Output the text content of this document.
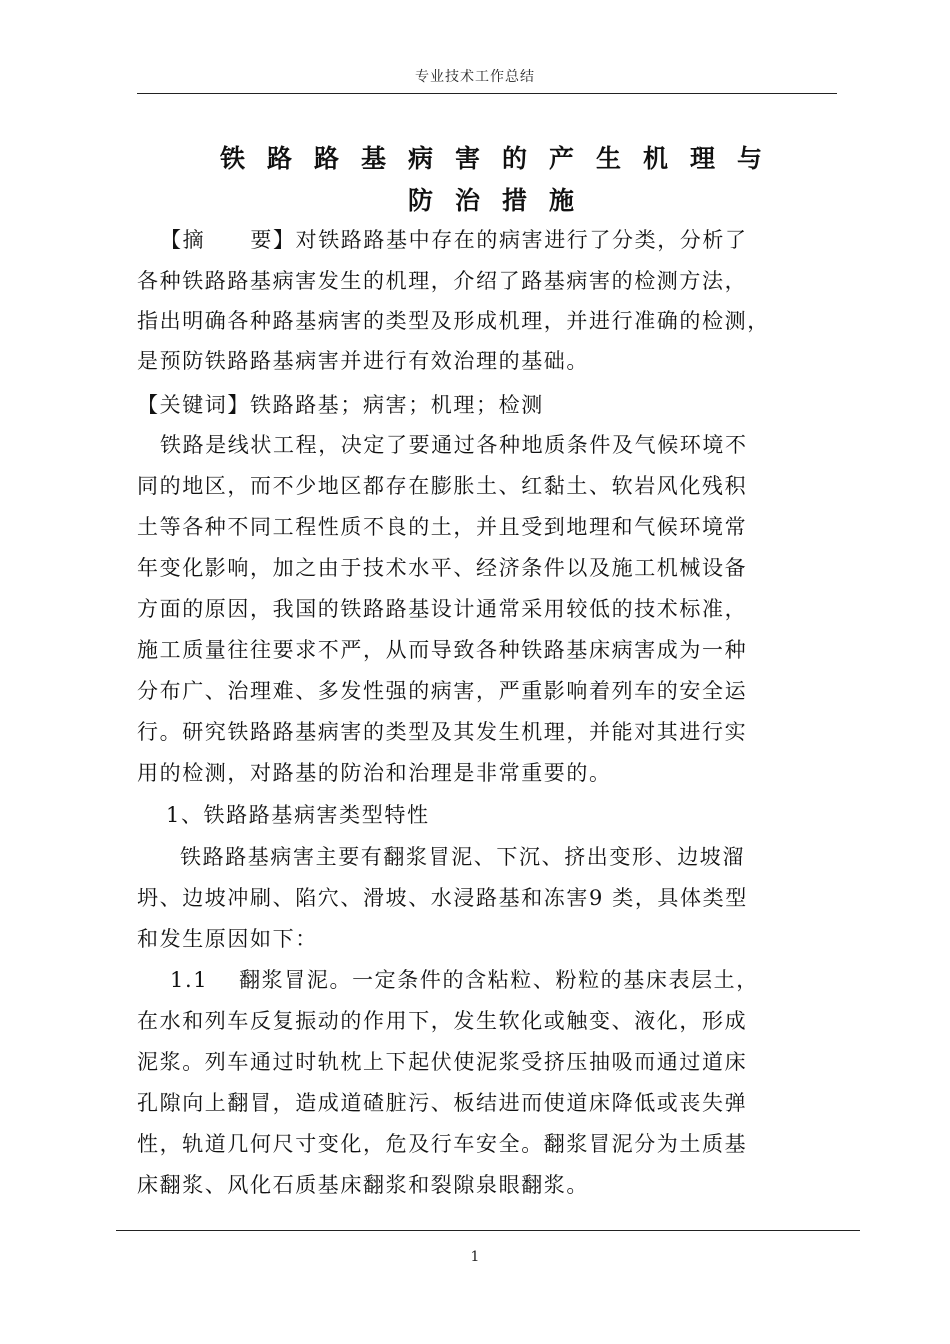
专业技术工作总结
铁路路基病害的产生机理与
防治措施
【摘　　要】对铁路路基中存在的病害进行了分类，分析了
各种铁路路基病害发生的机理，介绍了路基病害的检测方法，
指出明确各种路基病害的类型及形成机理，并进行准确的检测，
是预防铁路路基病害并进行有效治理的基础。
【关键词】铁路路基；病害；机理；检测
铁路是线状工程，决定了要通过各种地质条件及气候环境不
同的地区，而不少地区都存在膨胀土、红黏土、软岩风化残积
土等各种不同工程性质不良的土，并且受到地理和气候环境常
年变化影响，加之由于技术水平、经济条件以及施工机械设备
方面的原因，我国的铁路路基设计通常采用较低的技术标准，
施工质量往往要求不严，从而导致各种铁路基床病害成为一种
分布广、治理难、多发性强的病害，严重影响着列车的安全运
行。研究铁路路基病害的类型及其发生机理，并能对其进行实
用的检测，对路基的防治和治理是非常重要的。
1、铁路路基病害类型特性
铁路路基病害主要有翻浆冒泥、下沉、挤出变形、边坡溜
坍、边坡冲刷、陷穴、滑坡、水浸路基和冻害9 类，具体类型
和发生原因如下：
1.1　 翻浆冒泥。一定条件的含粘粒、粉粒的基床表层土，
在水和列车反复振动的作用下，发生软化或触变、液化，形成
泥浆。列车通过时轨枕上下起伏使泥浆受挤压抽吸而通过道床
孔隙向上翻冒，造成道碴脏污、板结进而使道床降低或丧失弹
性，轨道几何尺寸变化，危及行车安全。翻浆冒泥分为土质基
床翻浆、风化石质基床翻浆和裂隙泉眼翻浆。
1
